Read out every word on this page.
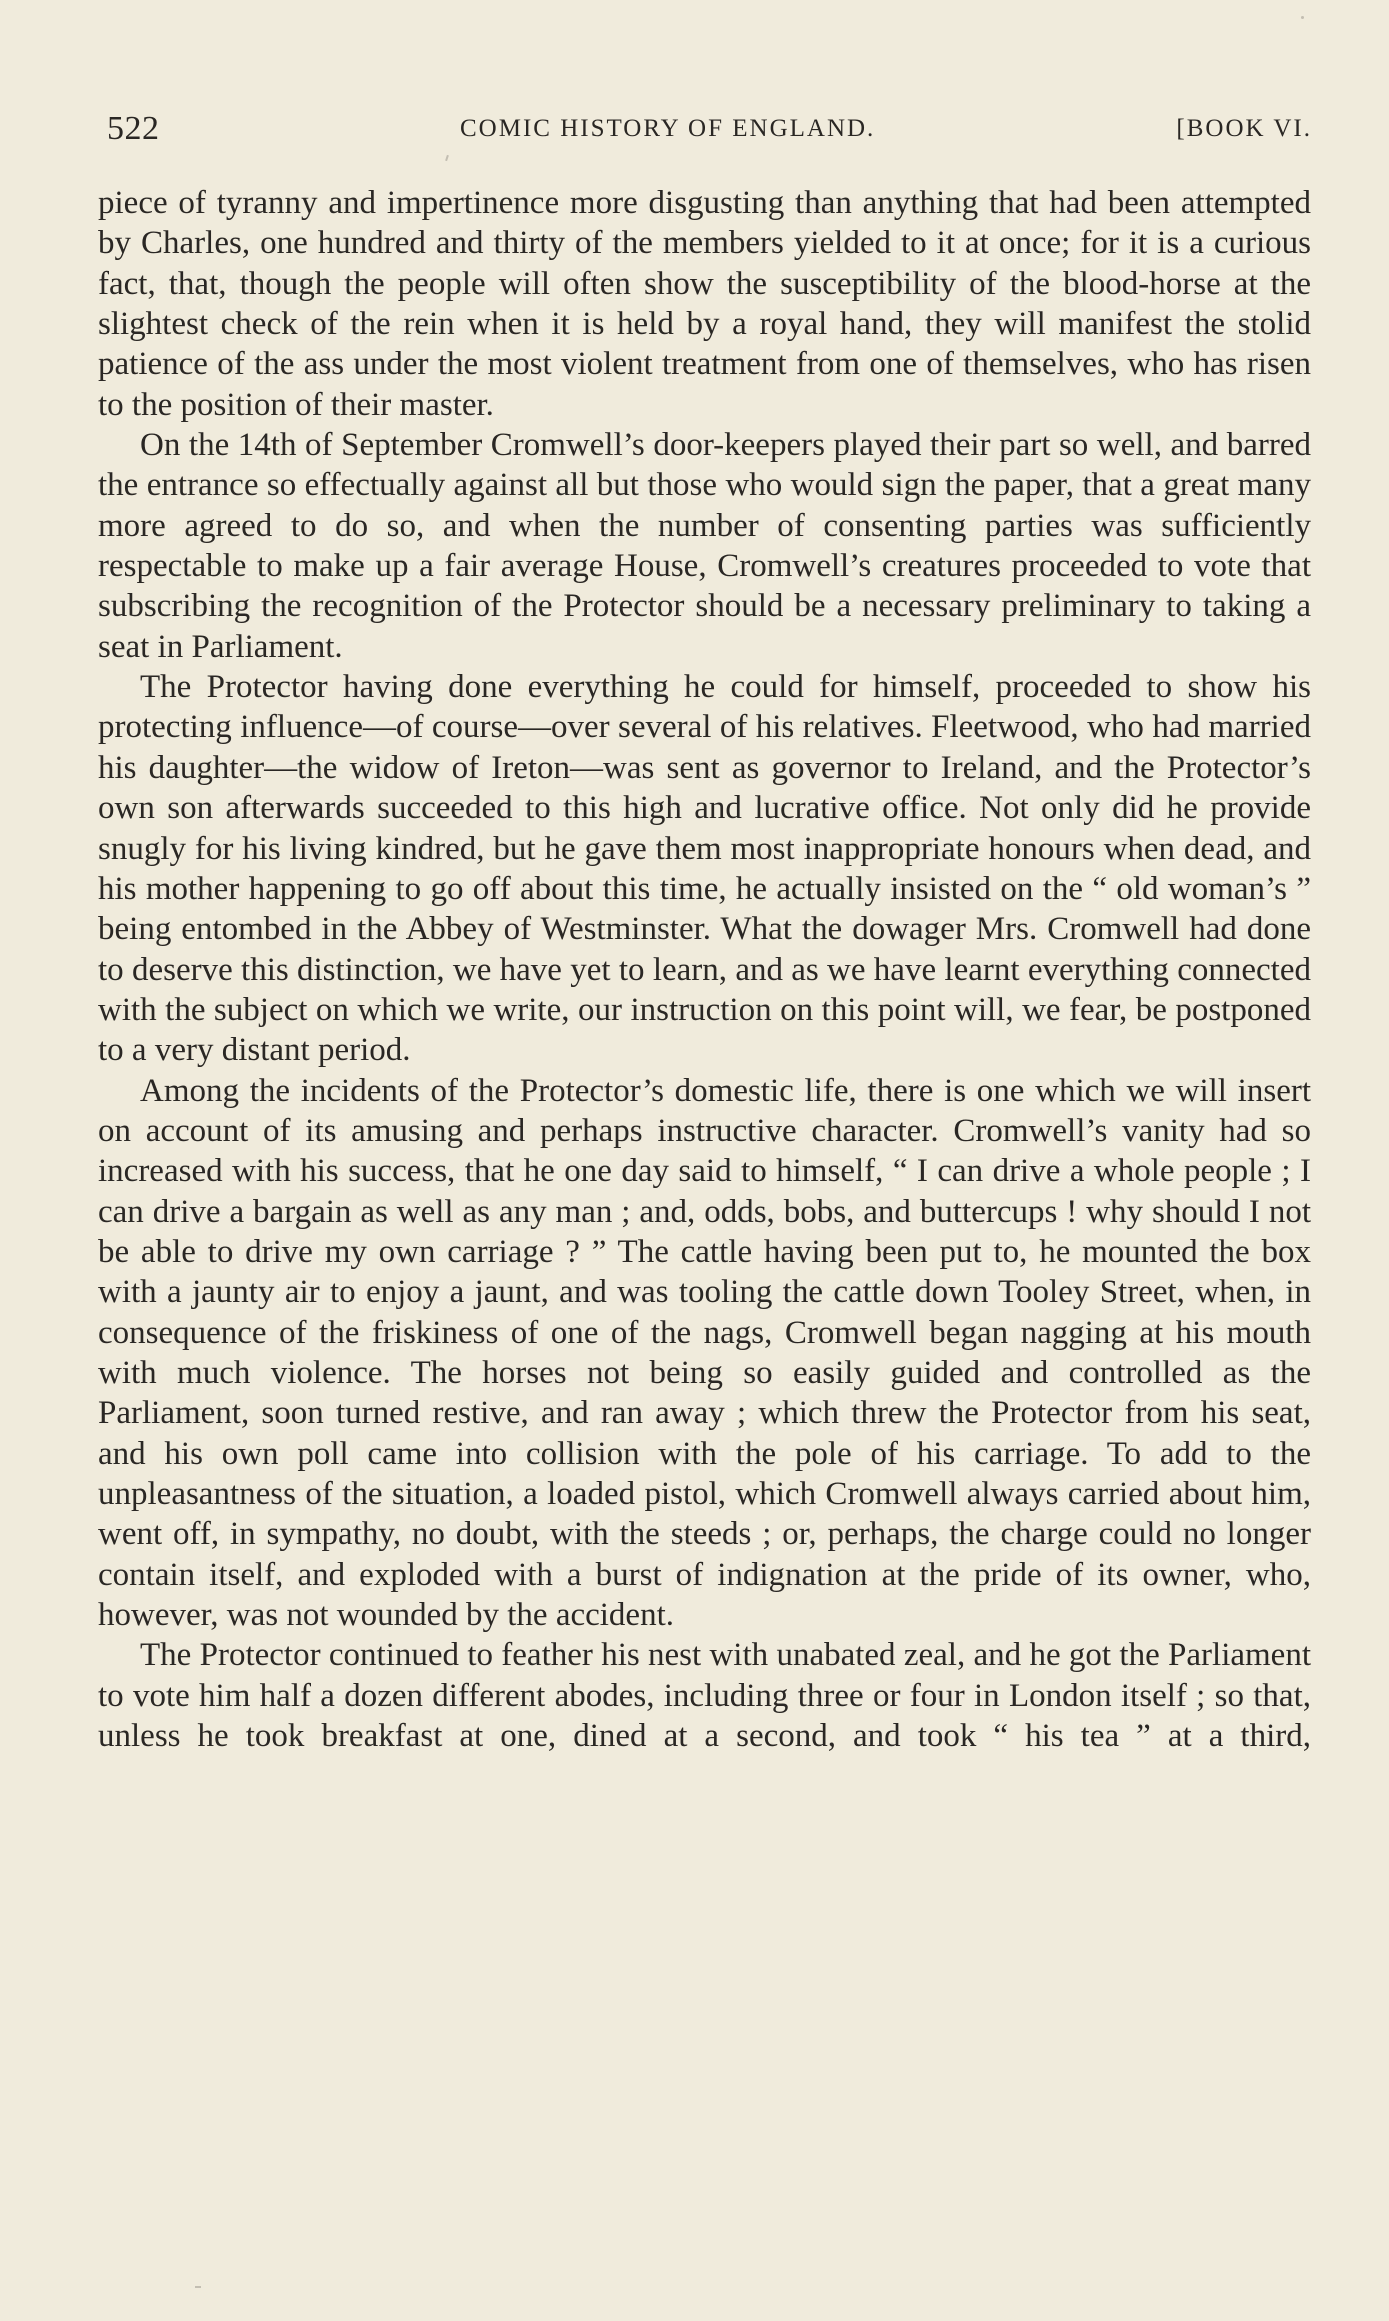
522	COMIC HISTORY OF ENGLAND.	[BOOK VI.

piece of tyranny and impertinence more disgusting than anything that had been attempted by Charles, one hundred and thirty of the members yielded to it at once; for it is a curious fact, that, though the people will often show the susceptibility of the blood-horse at the slightest check of the rein when it is held by a royal hand, they will manifest the stolid patience of the ass under the most violent treatment from one of themselves, who has risen to the position of their master.

On the 14th of September Cromwell’s door-keepers played their part so well, and barred the entrance so effectually against all but those who would sign the paper, that a great many more agreed to do so, and when the number of consenting parties was sufficiently respectable to make up a fair average House, Cromwell’s creatures proceeded to vote that subscribing the recognition of the Protector should be a necessary preliminary to taking a seat in Parliament.

The Protector having done everything he could for himself, proceeded to show his protecting influence—of course—over several of his relatives. Fleetwood, who had married his daughter—the widow of Ireton—was sent as governor to Ireland, and the Protector’s own son afterwards succeeded to this high and lucrative office. Not only did he provide snugly for his living kindred, but he gave them most inappropriate honours when dead, and his mother happening to go off about this time, he actually insisted on the “ old woman’s ” being entombed in the Abbey of Westminster. What the dowager Mrs. Cromwell had done to deserve this distinction, we have yet to learn, and as we have learnt everything connected with the subject on which we write, our instruction on this point will, we fear, be postponed to a very distant period.

Among the incidents of the Protector’s domestic life, there is one which we will insert on account of its amusing and perhaps instructive character. Cromwell’s vanity had so increased with his success, that he one day said to himself, “ I can drive a whole people ; I can drive a bargain as well as any man ; and, odds, bobs, and buttercups ! why should I not be able to drive my own carriage ? ” The cattle having been put to, he mounted the box with a jaunty air to enjoy a jaunt, and was tooling the cattle down Tooley Street, when, in consequence of the friskiness of one of the nags, Cromwell began nagging at his mouth with much violence. The horses not being so easily guided and controlled as the Parliament, soon turned restive, and ran away ; which threw the Protector from his seat, and his own poll came into collision with the pole of his carriage. To add to the unpleasantness of the situation, a loaded pistol, which Cromwell always carried about him, went off, in sympathy, no doubt, with the steeds ; or, perhaps, the charge could no longer contain itself, and exploded with a burst of indignation at the pride of its owner, who, however, was not wounded by the accident.

The Protector continued to feather his nest with unabated zeal, and he got the Parliament to vote him half a dozen different abodes, including three or four in London itself ; so that, unless he took breakfast at one, dined at a second, and took “ his tea ” at a third,
